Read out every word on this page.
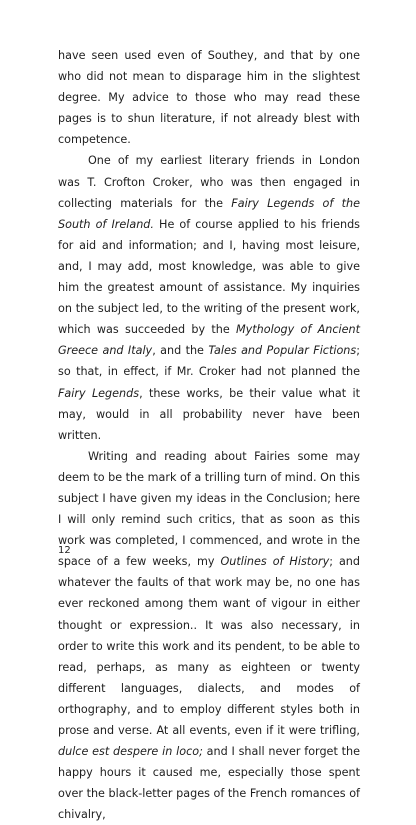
have seen used even of Southey, and that by one who did not mean to disparage him in the slightest degree. My advice to those who may read these pages is to shun literature, if not already blest with competence.

One of my earliest literary friends in London was T. Crofton Croker, who was then engaged in collecting materials for the Fairy Legends of the South of Ireland. He of course applied to his friends for aid and information; and I, having most leisure, and, I may add, most knowledge, was able to give him the greatest amount of assistance. My inquiries on the subject led, to the writing of the present work, which was succeeded by the Mythology of Ancient Greece and Italy, and the Tales and Popular Fictions; so that, in effect, if Mr. Croker had not planned the Fairy Legends, these works, be their value what it may, would in all probability never have been written.

Writing and reading about Fairies some may deem to be the mark of a trilling turn of mind. On this subject I have given my ideas in the Conclusion; here I will only remind such critics, that as soon as this work was completed, I commenced, and wrote in the space of a few weeks, my Outlines of History; and whatever the faults of that work may be, no one has ever reckoned among them want of vigour in either thought or expression.. It was also necessary, in order to write this work and its pendent, to be able to read, perhaps, as many as eighteen or twenty different languages, dialects, and modes of orthography, and to employ different styles both in prose and verse. At all events, even if it were trifling, dulce est despere in loco; and I shall never forget the happy hours it caused me, especially those spent over the black-letter pages of the French romances of chivalry,

12
